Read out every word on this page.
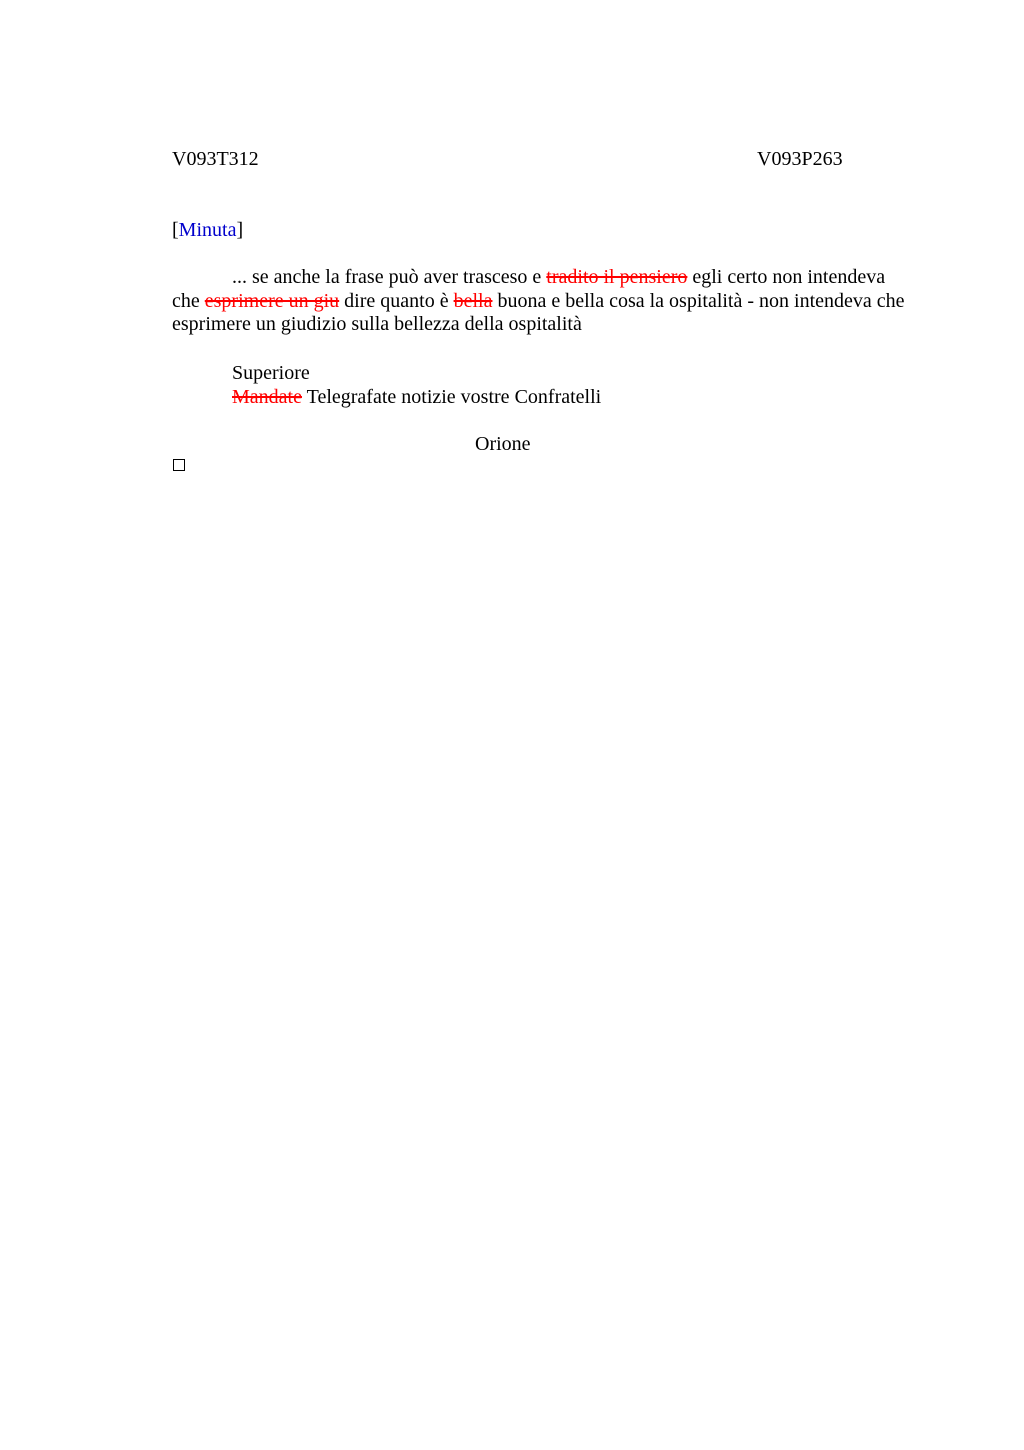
V093T312	V093P263
[Minuta]

... se anche la frase può aver trasceso e tradito il pensiero egli certo non intendeva che esprimere un giu dire quanto è bella buona e bella cosa la ospitalità - non intendeva che esprimere un giudizio sulla bellezza della ospitalità

Superiore
Mandate Telegrafate notizie vostre Confratelli
Orione
